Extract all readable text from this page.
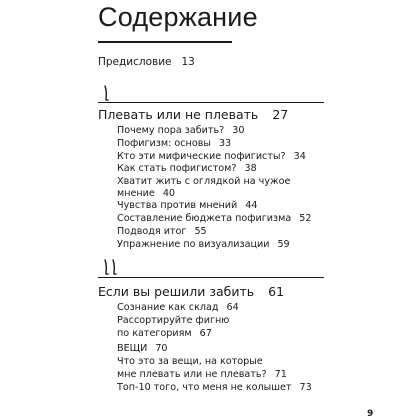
Содержание
Предисловие 13
Плевать или не плевать 27
Почему пора забить? 30
Пофигизм: основы 33
Кто эти мифические пофигисты? 34
Как стать пофигистом? 38
Хватит жить с оглядкой на чужое
мнение 40
Чувства против мнений 44
Составление бюджета пофигизма 52
Подводя итог 55
Упражнение по визуализации 59
Если вы решили забить 61
Сознание как склад 64
Рассортируйте фигню
по категориям 67
ВЕЩИ 70
Что это за вещи, на которые
мне плевать или не плевать? 71
Топ-10 того, что меня не колышет 73
9
